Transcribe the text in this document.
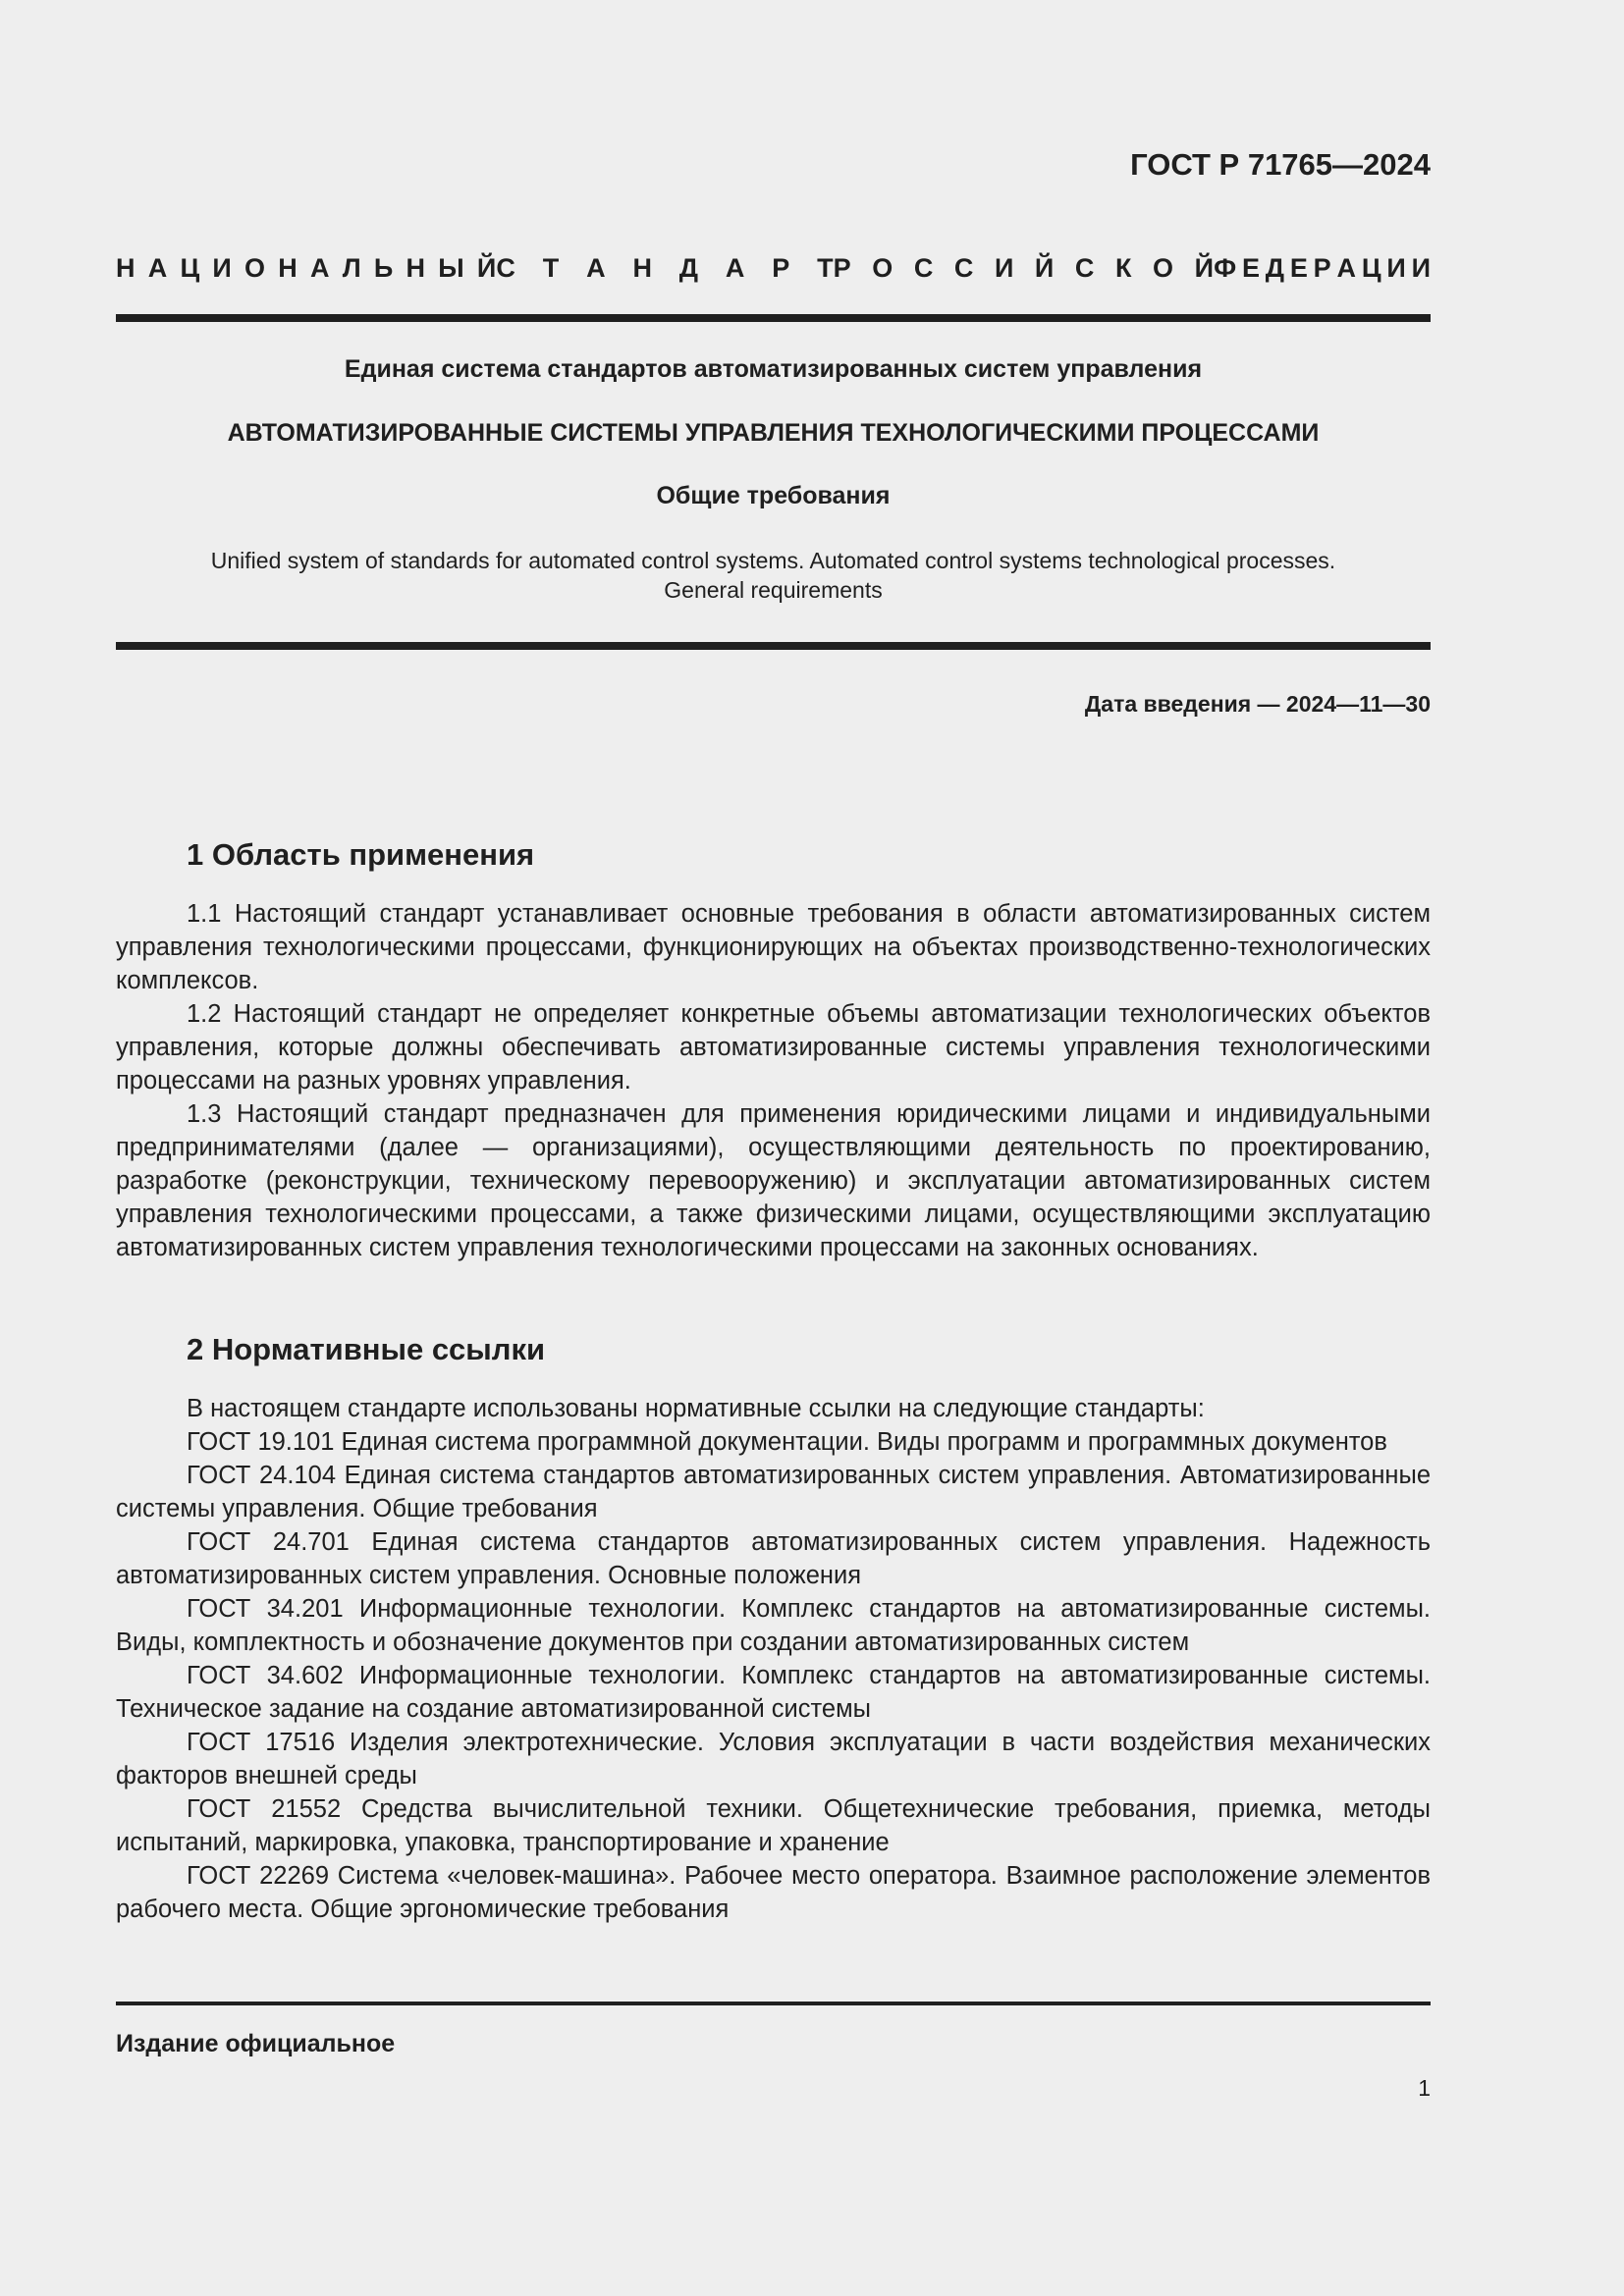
ГОСТ Р 71765—2024
Н А Ц И О Н А Л Ь Н Ы Й С Т А Н Д А Р Т Р О С С И Й С К О Й Ф Е Д Е Р А Ц И И
Единая система стандартов автоматизированных систем управления
АВТОМАТИЗИРОВАННЫЕ СИСТЕМЫ УПРАВЛЕНИЯ ТЕХНОЛОГИЧЕСКИМИ ПРОЦЕССАМИ
Общие требования
Unified system of standards for automated control systems. Automated control systems technological processes.
General requirements
Дата введения — 2024—11—30
1 Область применения

1.1 Настоящий стандарт устанавливает основные требования в области автоматизированных систем управления технологическими процессами, функционирующих на объектах производственно-технологических комплексов.

1.2 Настоящий стандарт не определяет конкретные объемы автоматизации технологических объектов управления, которые должны обеспечивать автоматизированные системы управления технологическими процессами на разных уровнях управления.

1.3 Настоящий стандарт предназначен для применения юридическими лицами и индивидуальными предпринимателями (далее — организациями), осуществляющими деятельность по проектированию, разработке (реконструкции, техническому перевооружению) и эксплуатации автоматизированных систем управления технологическими процессами, а также физическими лицами, осуществляющими эксплуатацию автоматизированных систем управления технологическими процессами на законных основаниях.

2 Нормативные ссылки

В настоящем стандарте использованы нормативные ссылки на следующие стандарты:

ГОСТ 19.101 Единая система программной документации. Виды программ и программных документов

ГОСТ 24.104 Единая система стандартов автоматизированных систем управления. Автоматизированные системы управления. Общие требования

ГОСТ 24.701 Единая система стандартов автоматизированных систем управления. Надежность автоматизированных систем управления. Основные положения

ГОСТ 34.201 Информационные технологии. Комплекс стандартов на автоматизированные системы. Виды, комплектность и обозначение документов при создании автоматизированных систем

ГОСТ 34.602 Информационные технологии. Комплекс стандартов на автоматизированные системы. Техническое задание на создание автоматизированной системы

ГОСТ 17516 Изделия электротехнические. Условия эксплуатации в части воздействия механических факторов внешней среды

ГОСТ 21552 Средства вычислительной техники. Общетехнические требования, приемка, методы испытаний, маркировка, упаковка, транспортирование и хранение

ГОСТ 22269 Система «человек-машина». Рабочее место оператора. Взаимное расположение элементов рабочего места. Общие эргономические требования

Издание официальное
1
